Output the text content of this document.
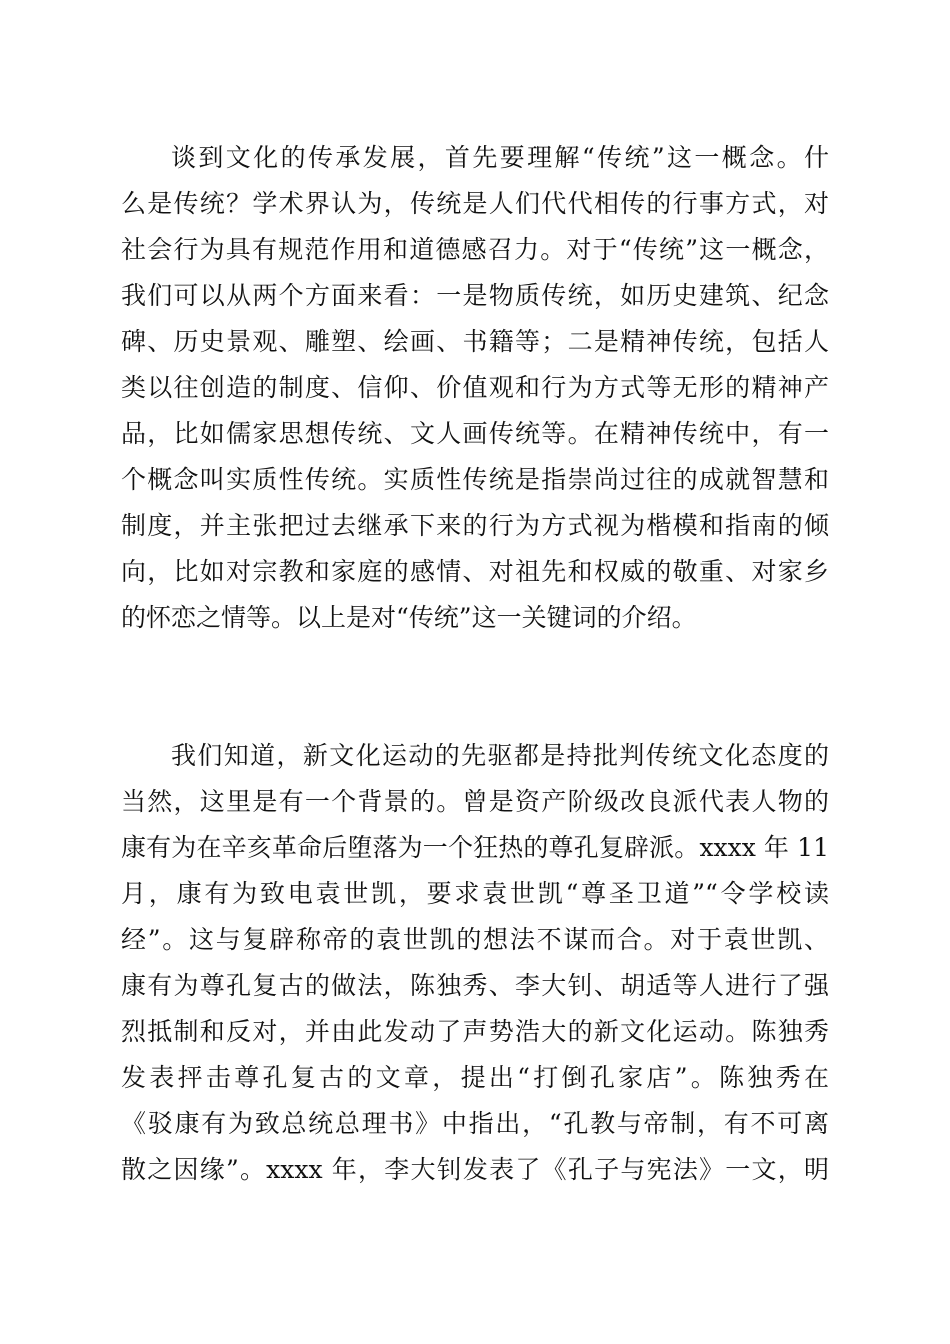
谈到文化的传承发展，首先要理解“传统”这一概念。什
么是传统？学术界认为，传统是人们代代相传的行事方式，对
社会行为具有规范作用和道德感召力。对于“传统”这一概念，
我们可以从两个方面来看：一是物质传统，如历史建筑、纪念
碑、历史景观、雕塑、绘画、书籍等；二是精神传统，包括人
类以往创造的制度、信仰、价值观和行为方式等无形的精神产
品，比如儒家思想传统、文人画传统等。在精神传统中，有一
个概念叫实质性传统。实质性传统是指崇尚过往的成就智慧和
制度，并主张把过去继承下来的行为方式视为楷模和指南的倾
向，比如对宗教和家庭的感情、对祖先和权威的敬重、对家乡
的怀恋之情等。以上是对“传统”这一关键词的介绍。
我们知道，新文化运动的先驱都是持批判传统文化态度的
当然，这里是有一个背景的。曾是资产阶级改良派代表人物的
康有为在辛亥革命后堕落为一个狂热的尊孔复辟派。xxxx 年 11
月，康有为致电袁世凯，要求袁世凯“尊圣卫道”“令学校读
经”。这与复辟称帝的袁世凯的想法不谋而合。对于袁世凯、
康有为尊孔复古的做法，陈独秀、李大钊、胡适等人进行了强
烈抵制和反对，并由此发动了声势浩大的新文化运动。陈独秀
发表抨击尊孔复古的文章，提出“打倒孔家店”。陈独秀在
《驳康有为致总统总理书》中指出，“孔教与帝制，有不可离
散之因缘”。xxxx 年，李大钊发表了《孔子与宪法》一文，明
